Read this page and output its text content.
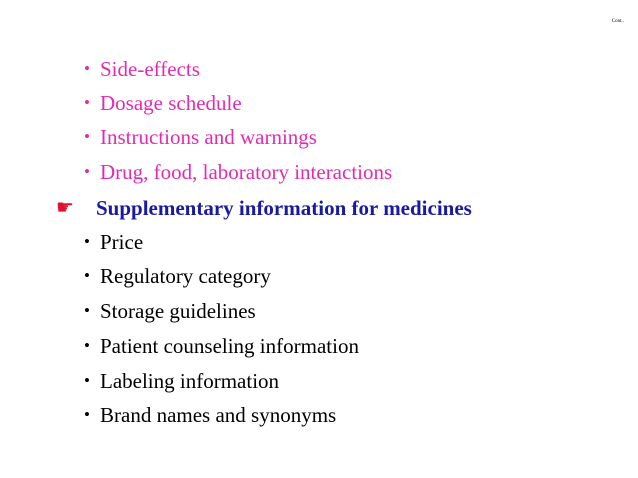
Cont..
• Side-effects
• Dosage schedule
• Instructions and warnings
• Drug, food, laboratory interactions
☛ Supplementary information for medicines
• Price
• Regulatory category
• Storage guidelines
• Patient counseling information
• Labeling information
• Brand names and synonyms
